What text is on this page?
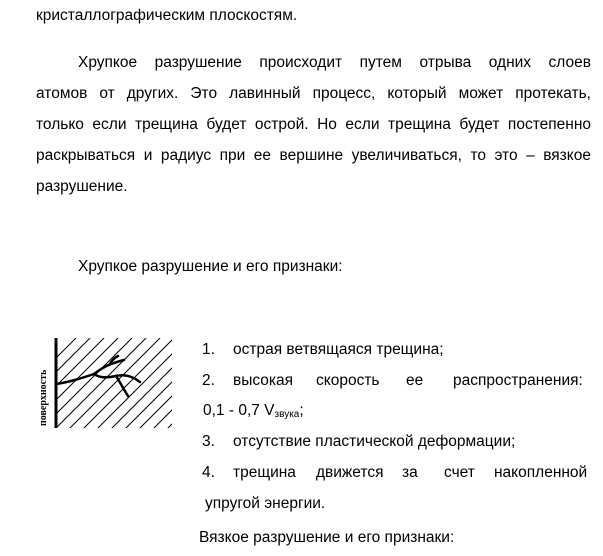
кристаллографическим плоскостям.
Хрупкое разрушение происходит путем отрыва одних слоев
атомов от других. Это лавинный процесс, который может протекать,
только если трещина будет острой. Но если трещина будет постепенно
раскрываться и радиус при ее вершине увеличиваться, то это – вязкое
разрушение.
Хрупкое разрушение и его признаки:
поверхность
1. острая ветвящаяся трещина;
2. высокая скорость ее распространения:
0,1 - 0,7 $V_{звука}$;
3. отсутствие пластической деформации;
4. трещина движется за счет накопленной
упругой энергии.
Вязкое разрушение и его признаки:
